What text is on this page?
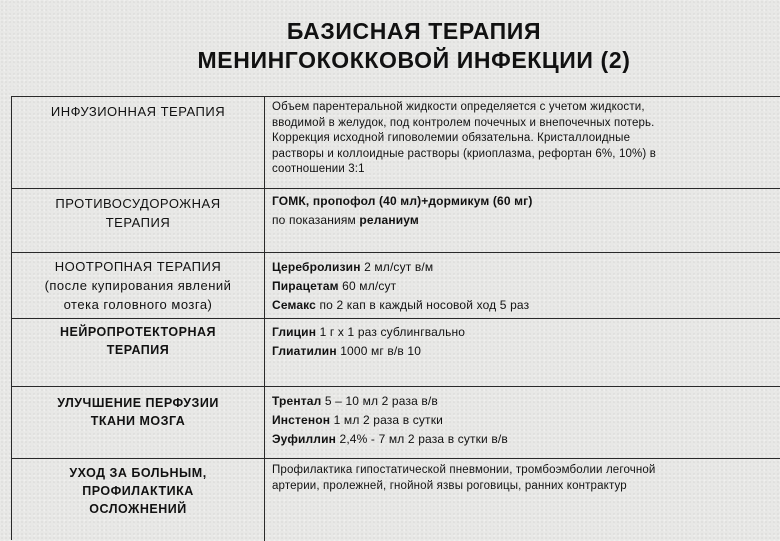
БАЗИСНАЯ ТЕРАПИЯ
МЕНИНГОКОККОВОЙ ИНФЕКЦИИ (2)
ИНФУЗИОННАЯ ТЕРАПИЯ	Объем парентеральной жидкости определяется с учетом жидкости,
вводимой в желудок, под контролем почечных и внепочечных потерь.
Коррекция исходной гиповолемии обязательна. Кристаллоидные
растворы и коллоидные растворы (криоплазма, рефортан 6%, 10%) в
соотношении 3:1
ПРОТИВОСУДОРОЖНАЯ
ТЕРАПИЯ
ГОМК, пропофол (40 мл)+дормикум (60 мг)
по показаниям реланиум
НООТРОПНАЯ ТЕРАПИЯ
(после купирования явлений
отека головного мозга)
Церебролизин 2 мл/сут в/м
Пирацетам 60 мл/сут
Семакс по 2 кап в каждый носовой ход 5 раз
НЕЙРОПРОТЕКТОРНАЯ
ТЕРАПИЯ
Глицин 1 г х 1 раз сублингвально
Глиатилин 1000 мг в/в 10
УЛУЧШЕНИЕ ПЕРФУЗИИ
ТКАНИ МОЗГА
Трентал 5 – 10 мл 2 раза в/в
Инстенон 1 мл 2 раза в сутки
Эуфиллин 2,4% - 7 мл 2 раза в сутки в/в
УХОД ЗА БОЛЬНЫМ,
ПРОФИЛАКТИКА
ОСЛОЖНЕНИЙ
Профилактика гипостатической пневмонии, тромбоэмболии легочной
артерии, пролежней, гнойной язвы роговицы, ранних контрактур
